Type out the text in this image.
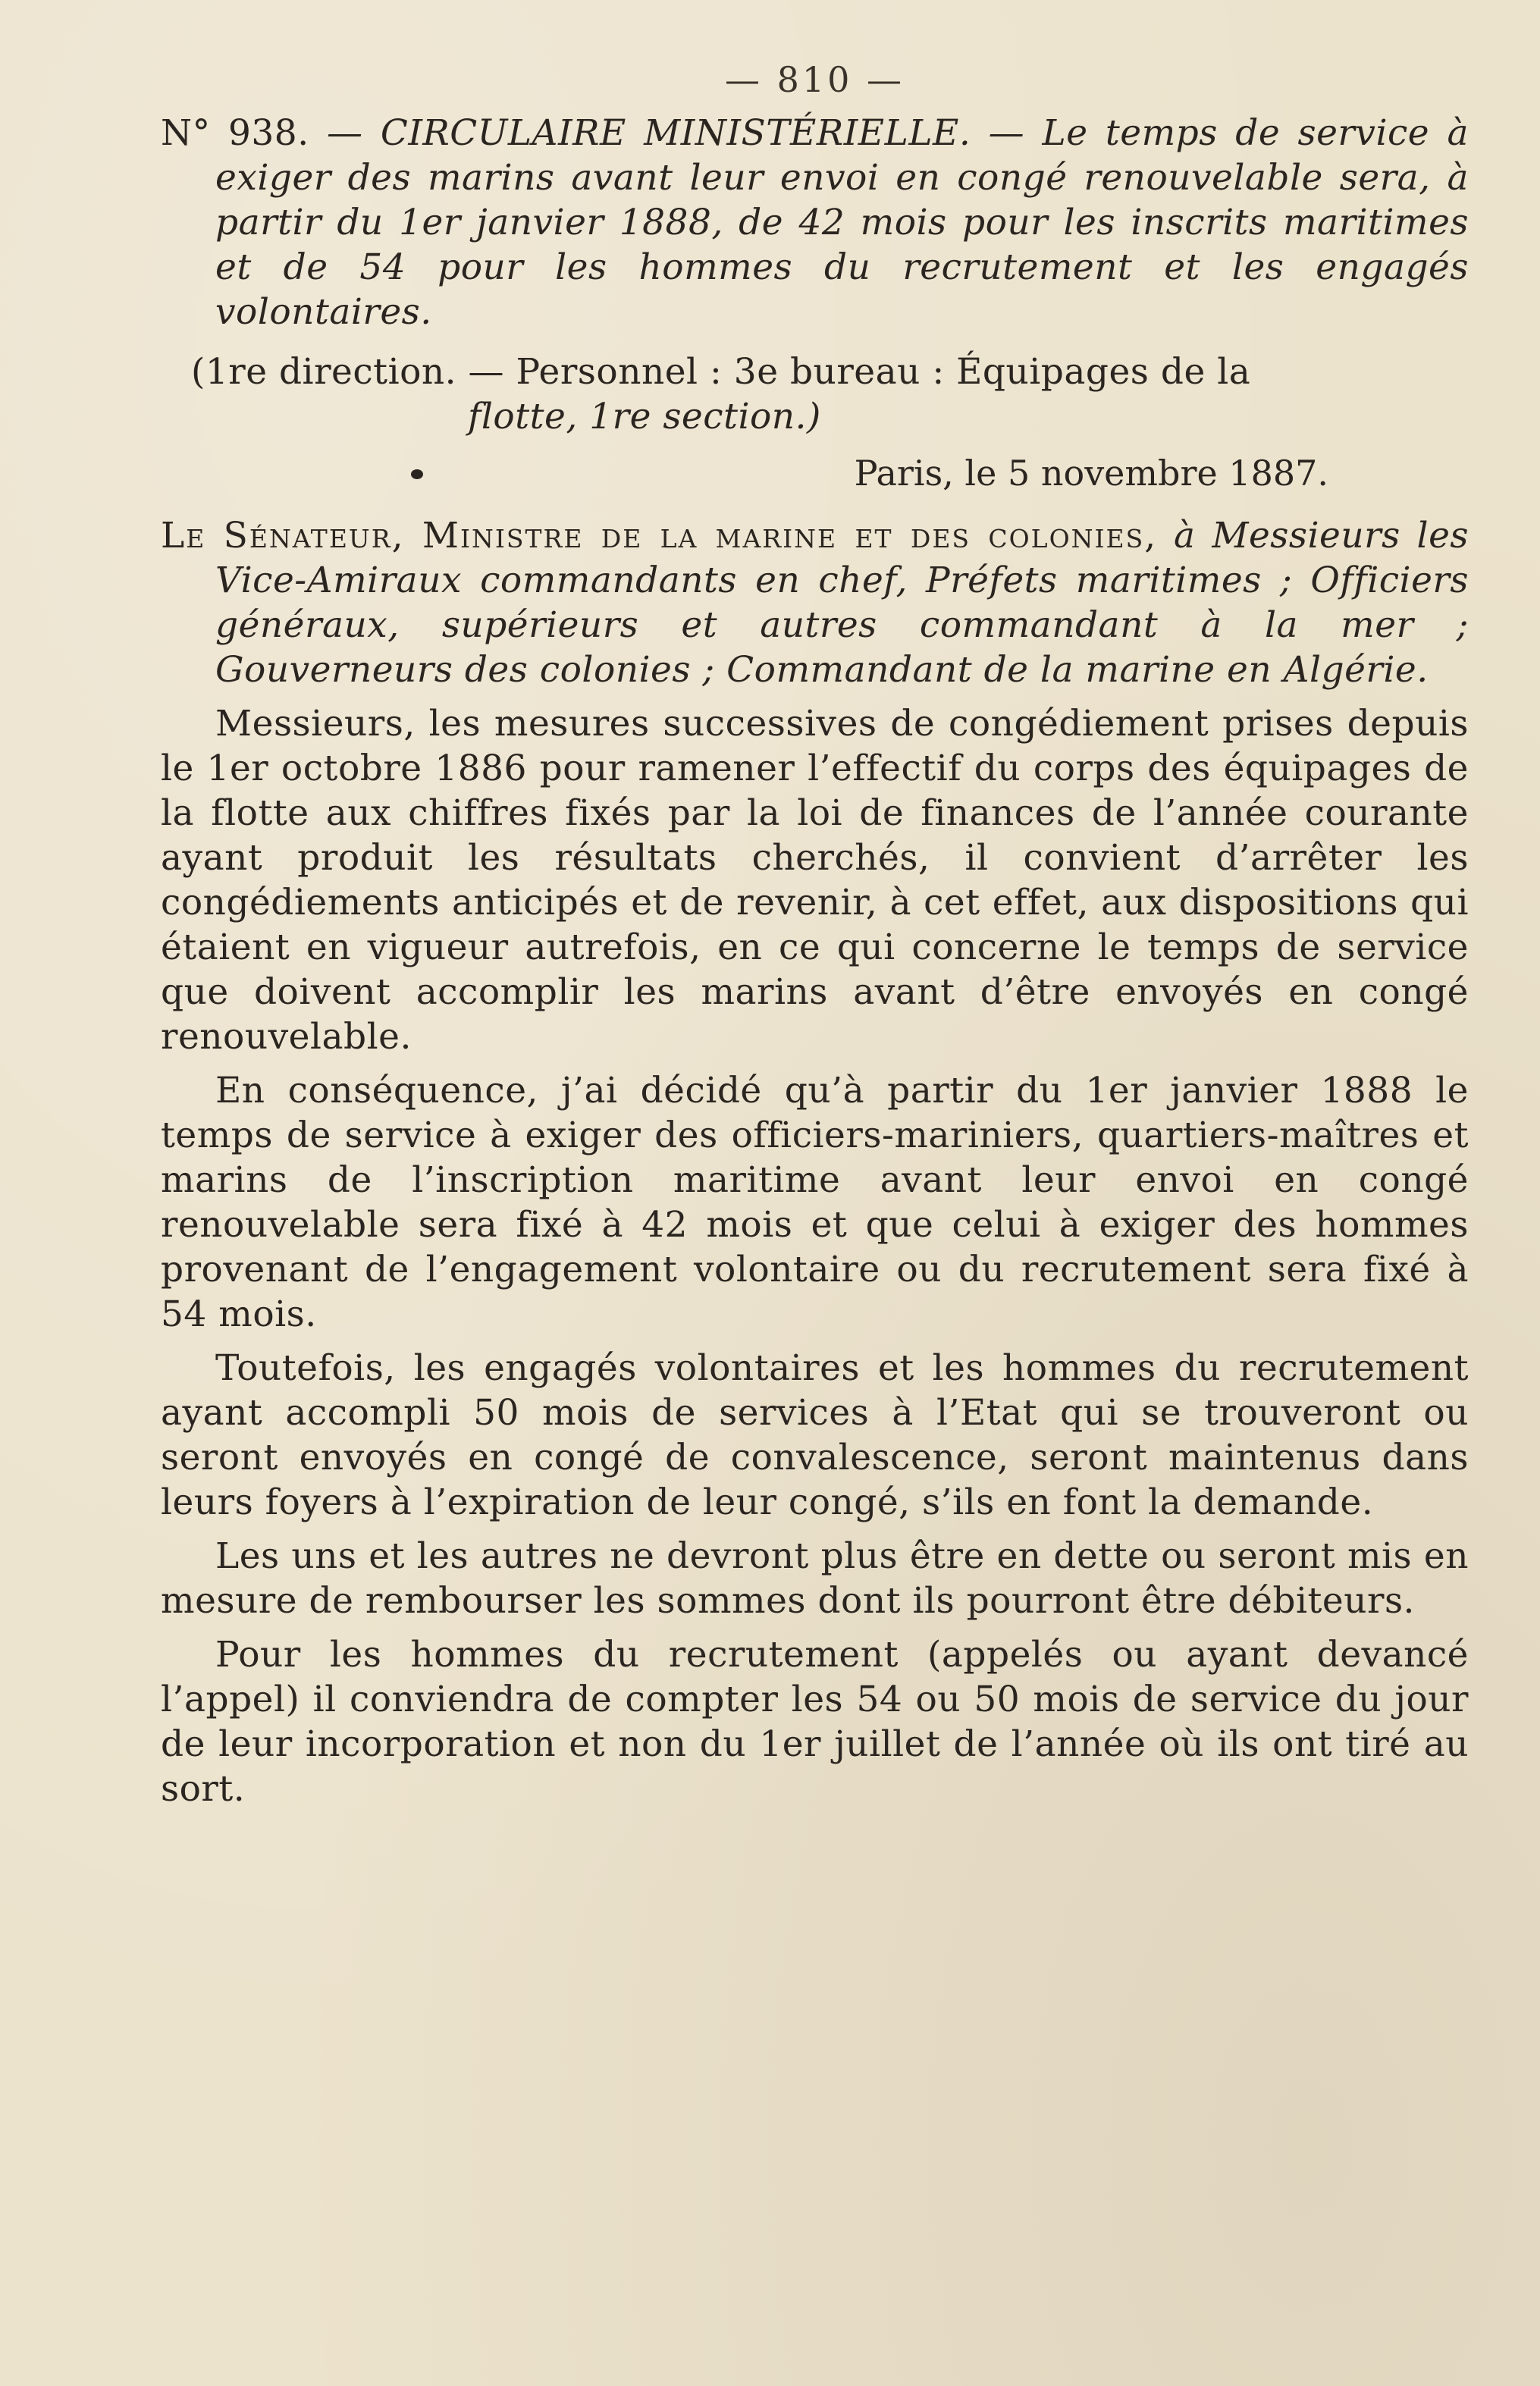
— 810 —

N° 938. — CIRCULAIRE MINISTÉRIELLE. — Le temps de service à exiger des marins avant leur envoi en congé renouvelable sera, à partir du 1er janvier 1888, de 42 mois pour les inscrits maritimes et de 54 pour les hommes du recrutement et les engagés volontaires.

(1re direction. — Personnel : 3e bureau : Équipages de la

flotte, 1re section.)

Paris, le 5 novembre 1887.

Le Sénateur, Ministre de la marine et des colonies, à Messieurs les Vice-Amiraux commandants en chef, Préfets maritimes ; Officiers généraux, supérieurs et autres commandant à la mer ; Gouverneurs des colonies ; Commandant de la marine en Algérie.

Messieurs, les mesures successives de congédiement prises depuis le 1er octobre 1886 pour ramener l’effectif du corps des équipages de la flotte aux chiffres fixés par la loi de finances de l’année courante ayant produit les résultats cherchés, il convient d’arrêter les congédiements anticipés et de revenir, à cet effet, aux dispositions qui étaient en vigueur autrefois, en ce qui concerne le temps de service que doivent accomplir les marins avant d’être envoyés en congé renouvelable.

En conséquence, j’ai décidé qu’à partir du 1er janvier 1888 le temps de service à exiger des officiers-mariniers, quartiers-maîtres et marins de l’inscription maritime avant leur envoi en congé renouvelable sera fixé à 42 mois et que celui à exiger des hommes provenant de l’engagement volontaire ou du recrutement sera fixé à 54 mois.

Toutefois, les engagés volontaires et les hommes du recrutement ayant accompli 50 mois de services à l’Etat qui se trouveront ou seront envoyés en congé de convalescence, seront maintenus dans leurs foyers à l’expiration de leur congé, s’ils en font la demande.

Les uns et les autres ne devront plus être en dette ou seront mis en mesure de rembourser les sommes dont ils pourront être débiteurs.

Pour les hommes du recrutement (appelés ou ayant devancé l’appel) il conviendra de compter les 54 ou 50 mois de service du jour de leur incorporation et non du 1er juillet de l’année où ils ont tiré au sort.
